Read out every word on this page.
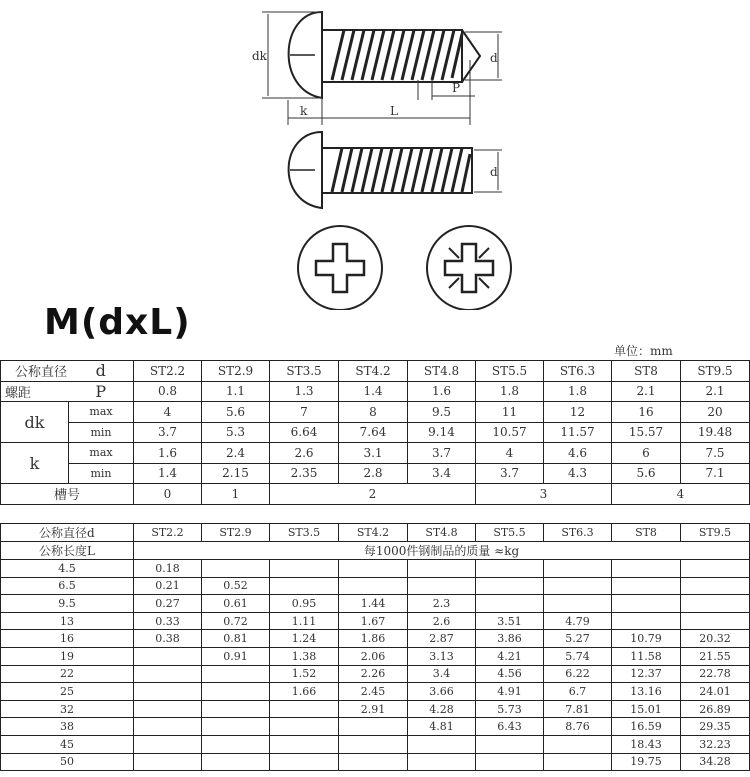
dk	d
P
k	L
d
M(dxL)
单位：mm
公称直径	d	ST2.2	ST2.9	ST3.5	ST4.2	ST4.8	ST5.5	ST6.3	ST8	ST9.5
螺距	P	0.8	1.1	1.3	1.4	1.6	1.8	1.8	2.1	2.1
dk	max	4	5.6	7	8	9.5	11	12	16	20
	min	3.7	5.3	6.64	7.64	9.14	10.57	11.57	15.57	19.48
k	max	1.6	2.4	2.6	3.1	3.7	4	4.6	6	7.5
	min	1.4	2.15	2.35	2.8	3.4	3.7	4.3	5.6	7.1
槽号		0	1	2			3		4	
公称直径d	ST2.2	ST2.9	ST3.5	ST4.2	ST4.8	ST5.5	ST6.3	ST8	ST9.5
公称长度L	每1000件钢制品的质量 ≈kg								
4.5	0.18								
6.5	0.21	0.52							
9.5	0.27	0.61	0.95	1.44	2.3				
13	0.33	0.72	1.11	1.67	2.6	3.51	4.79		
16	0.38	0.81	1.24	1.86	2.87	3.86	5.27	10.79	20.32
19		0.91	1.38	2.06	3.13	4.21	5.74	11.58	21.55
22			1.52	2.26	3.4	4.56	6.22	12.37	22.78
25			1.66	2.45	3.66	4.91	6.7	13.16	24.01
32				2.91	4.28	5.73	7.81	15.01	26.89
38					4.81	6.43	8.76	16.59	29.35
45								18.43	32.23
50								19.75	34.28
